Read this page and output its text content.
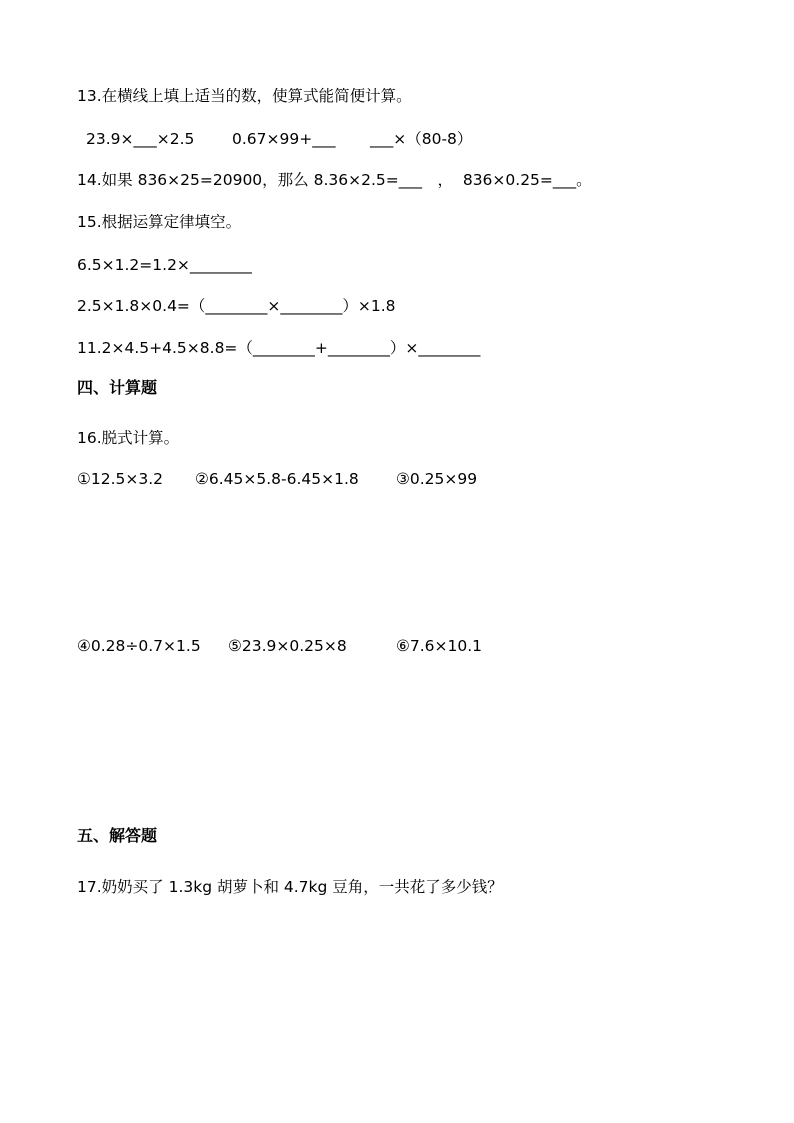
13.在横线上填上适当的数，使算式能简便计算。
23.9×___×2.5 0.67×99+___ ___×（80-8）
14.如果 836×25=20900，那么 8.36×2.5=___　，  836×0.25=___。
15.根据运算定律填空。
6.5×1.2=1.2×________
2.5×1.8×0.4=（________×________）×1.8
11.2×4.5+4.5×8.8=（________+________）×________
四、计算题
16.脱式计算。
①12.5×3.2 ②6.45×5.8-6.45×1.8 ③0.25×99
④0.28÷0.7×1.5 ⑤23.9×0.25×8	⑥7.6×10.1
五、解答题
17.奶奶买了 1.3kg 胡萝卜和 4.7kg 豆角，一共花了多少钱？
